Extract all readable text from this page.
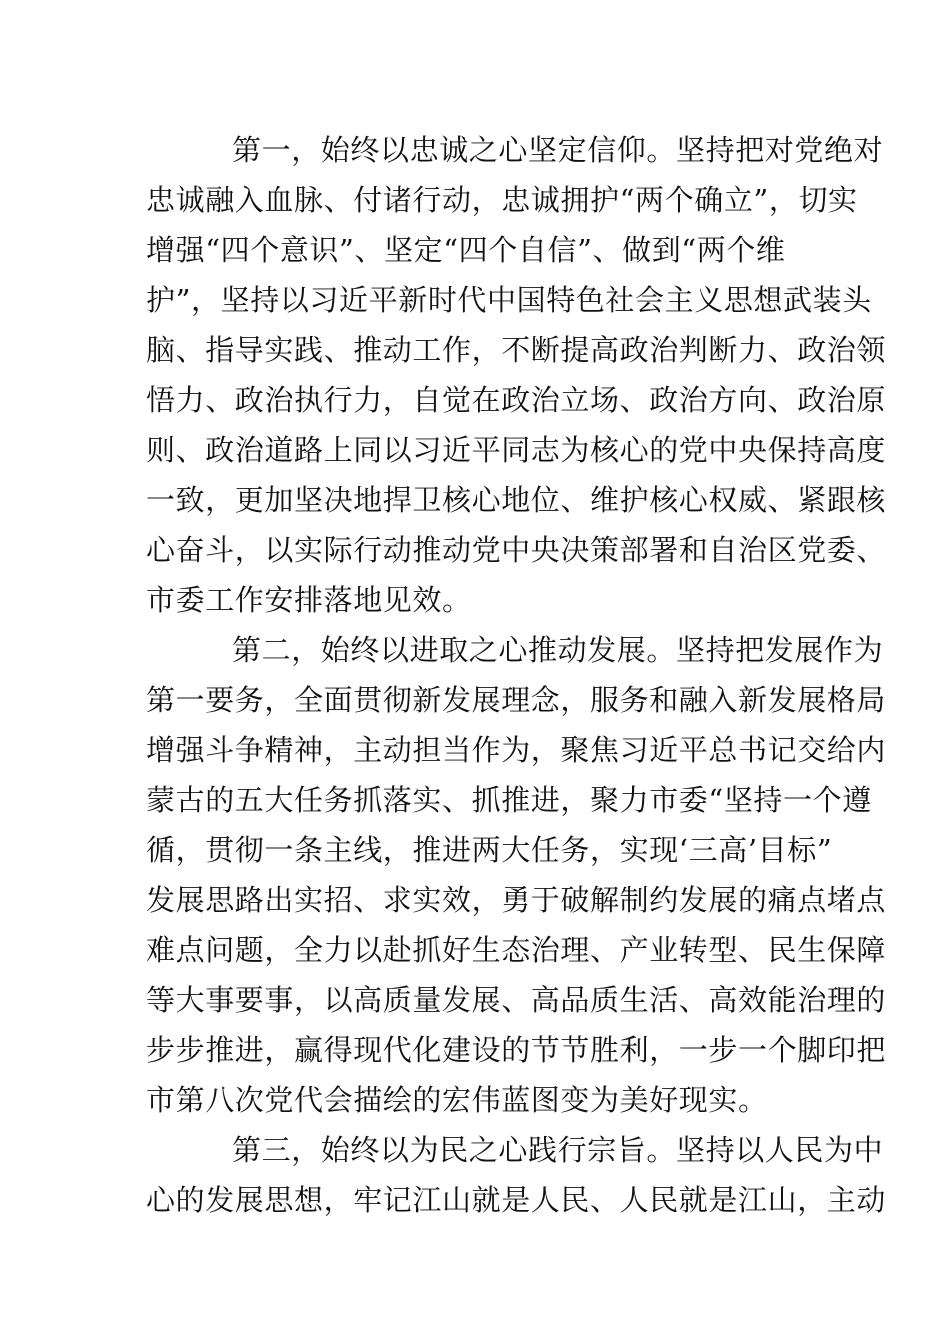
第一，始终以忠诚之心坚定信仰。坚持把对党绝对

忠诚融入血脉、付诸行动，忠诚拥护“两个确立”，切实

增强“四个意识”、坚定“四个自信”、做到“两个维

护”，坚持以习近平新时代中国特色社会主义思想武装头

脑、指导实践、推动工作，不断提高政治判断力、政治领

悟力、政治执行力，自觉在政治立场、政治方向、政治原

则、政治道路上同以习近平同志为核心的党中央保持高度

一致，更加坚决地捍卫核心地位、维护核心权威、紧跟核

心奋斗，以实际行动推动党中央决策部署和自治区党委、

市委工作安排落地见效。

第二，始终以进取之心推动发展。坚持把发展作为

第一要务，全面贯彻新发展理念，服务和融入新发展格局

增强斗争精神，主动担当作为，聚焦习近平总书记交给内

蒙古的五大任务抓落实、抓推进，聚力市委“坚持一个遵

循，贯彻一条主线，推进两大任务，实现‘三高’目标”

发展思路出实招、求实效，勇于破解制约发展的痛点堵点

难点问题，全力以赴抓好生态治理、产业转型、民生保障

等大事要事，以高质量发展、高品质生活、高效能治理的

步步推进，赢得现代化建设的节节胜利，一步一个脚印把

市第八次党代会描绘的宏伟蓝图变为美好现实。

第三，始终以为民之心践行宗旨。坚持以人民为中

心的发展思想，牢记江山就是人民、人民就是江山，主动
